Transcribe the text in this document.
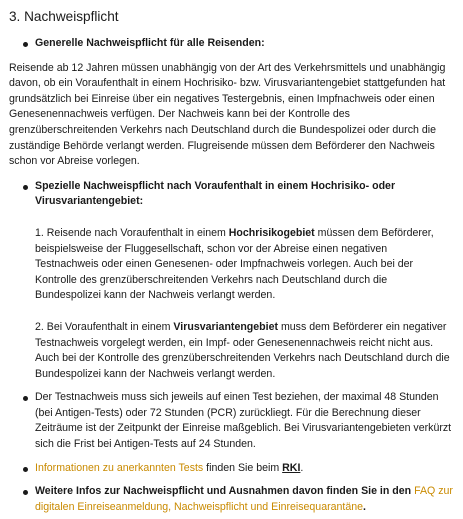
3. Nachweispflicht
Generelle Nachweispflicht für alle Reisenden:

Reisende ab 12 Jahren müssen unabhängig von der Art des Verkehrsmittels und unabhängig davon, ob ein Voraufenthalt in einem Hochrisiko- bzw. Virusvariantengebiet stattgefunden hat grundsätzlich bei Einreise über ein negatives Testergebnis, einen Impfnachweis oder einen Genesenennachweis verfügen. Der Nachweis kann bei der Kontrolle des grenzüberschreitenden Verkehrs nach Deutschland durch die Bundespolizei oder durch die zuständige Behörde verlangt werden. Flugreisende müssen dem Beförderer den Nachweis schon vor Abreise vorlegen.

Spezielle Nachweispflicht nach Voraufenthalt in einem Hochrisiko- oder Virusvariantengebiet:

1. Reisende nach Voraufenthalt in einem Hochrisikogebiet müssen dem Beförderer, beispielsweise der Fluggesellschaft, schon vor der Abreise einen negativen Testnachweis oder einen Genesenen- oder Impfnachweis vorlegen. Auch bei der Kontrolle des grenzüberschreitenden Verkehrs nach Deutschland durch die Bundespolizei kann der Nachweis verlangt werden.

2. Bei Voraufenthalt in einem Virusvariantengebiet muss dem Beförderer ein negativer Testnachweis vorgelegt werden, ein Impf- oder Genesenennachweis reicht nicht aus. Auch bei der Kontrolle des grenzüberschreitenden Verkehrs nach Deutschland durch die Bundespolizei kann der Nachweis verlangt werden.

Der Testnachweis muss sich jeweils auf einen Test beziehen, der maximal 48 Stunden (bei Antigen-Tests) oder 72 Stunden (PCR) zurückliegt. Für die Berechnung dieser Zeiträume ist der Zeitpunkt der Einreise maßgeblich. Bei Virusvariantengebieten verkürzt sich die Frist bei Antigen-Tests auf 24 Stunden.
Informationen zu anerkannten Tests finden Sie beim RKI.
Weitere Infos zur Nachweispflicht und Ausnahmen davon finden Sie in den FAQ zur digitalen Einreiseanmeldung, Nachweispflicht und Einreisequarantäne.
